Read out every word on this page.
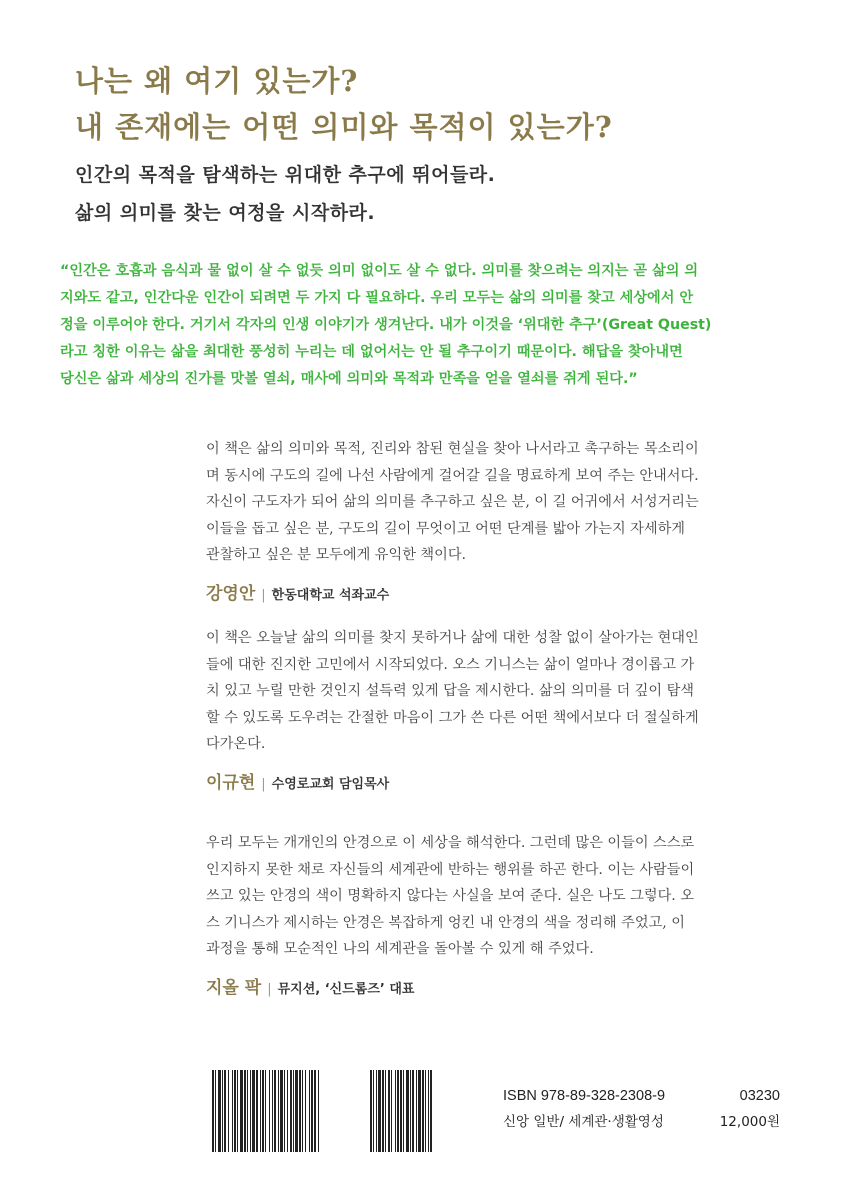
나는 왜 여기 있는가?
내 존재에는 어떤 의미와 목적이 있는가?
인간의 목적을 탐색하는 위대한 추구에 뛰어들라.
삶의 의미를 찾는 여정을 시작하라.
“인간은 호흡과 음식과 물 없이 살 수 없듯 의미 없이도 살 수 없다. 의미를 찾으려는 의지는 곧 삶의 의
지와도 같고, 인간다운 인간이 되려면 두 가지 다 필요하다. 우리 모두는 삶의 의미를 찾고 세상에서 안
정을 이루어야 한다. 거기서 각자의 인생 이야기가 생겨난다. 내가 이것을 ‘위대한 추구’(Great Quest)
라고 칭한 이유는 삶을 최대한 풍성히 누리는 데 없어서는 안 될 추구이기 때문이다. 해답을 찾아내면
당신은 삶과 세상의 진가를 맛볼 열쇠, 매사에 의미와 목적과 만족을 얻을 열쇠를 쥐게 된다.”
이 책은 삶의 의미와 목적, 진리와 참된 현실을 찾아 나서라고 촉구하는 목소리이
며 동시에 구도의 길에 나선 사람에게 걸어갈 길을 명료하게 보여 주는 안내서다.
자신이 구도자가 되어 삶의 의미를 추구하고 싶은 분, 이 길 어귀에서 서성거리는
이들을 돕고 싶은 분, 구도의 길이 무엇이고 어떤 단계를 밟아 가는지 자세하게
관찰하고 싶은 분 모두에게 유익한 책이다.
강영안 | 한동대학교 석좌교수
이 책은 오늘날 삶의 의미를 찾지 못하거나 삶에 대한 성찰 없이 살아가는 현대인
들에 대한 진지한 고민에서 시작되었다. 오스 기니스는 삶이 얼마나 경이롭고 가
치 있고 누릴 만한 것인지 설득력 있게 답을 제시한다. 삶의 의미를 더 깊이 탐색
할 수 있도록 도우려는 간절한 마음이 그가 쓴 다른 어떤 책에서보다 더 절실하게
다가온다.
이규현 | 수영로교회 담임목사
우리 모두는 개개인의 안경으로 이 세상을 해석한다. 그런데 많은 이들이 스스로
인지하지 못한 채로 자신들의 세계관에 반하는 행위를 하곤 한다. 이는 사람들이
쓰고 있는 안경의 색이 명확하지 않다는 사실을 보여 준다. 실은 나도 그렇다. 오
스 기니스가 제시하는 안경은 복잡하게 엉킨 내 안경의 색을 정리해 주었고, 이
과정을 통해 모순적인 나의 세계관을 돌아볼 수 있게 해 주었다.
지올 팍 | 뮤지션, ‘신드롬즈’ 대표
ISBN 978-89-328-2308-9	03230
신앙 일반/ 세계관·생활영성	12,000원
